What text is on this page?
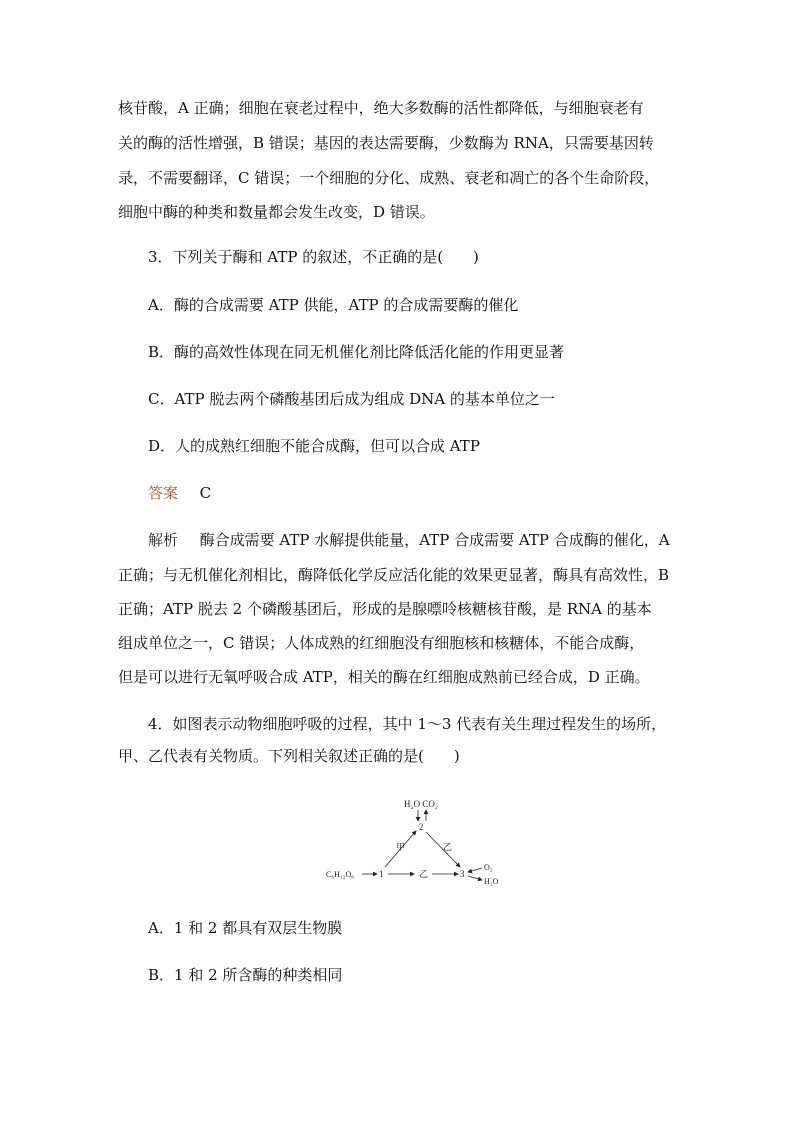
核苷酸，A 正确；细胞在衰老过程中，绝大多数酶的活性都降低，与细胞衰老有
关的酶的活性增强，B 错误；基因的表达需要酶，少数酶为 RNA，只需要基因转
录，不需要翻译，C 错误；一个细胞的分化、成熟、衰老和凋亡的各个生命阶段，
细胞中酶的种类和数量都会发生改变，D 错误。
3．下列关于酶和 ATP 的叙述，不正确的是(　　)
A．酶的合成需要 ATP 供能，ATP 的合成需要酶的催化
B．酶的高效性体现在同无机催化剂比降低活化能的作用更显著
C．ATP 脱去两个磷酸基团后成为组成 DNA 的基本单位之一
D．人的成熟红细胞不能合成酶，但可以合成 ATP
答案 C
解析 酶合成需要 ATP 水解提供能量，ATP 合成需要 ATP 合成酶的催化，A
正确；与无机催化剂相比，酶降低化学反应活化能的效果更显著，酶具有高效性，B
正确；ATP 脱去 2 个磷酸基团后，形成的是腺嘌呤核糖核苷酸，是 RNA 的基本
组成单位之一，C 错误；人体成熟的红细胞没有细胞核和核糖体，不能合成酶，
但是可以进行无氧呼吸合成 ATP，相关的酶在红细胞成熟前已经合成，D 正确。
4．如图表示动物细胞呼吸的过程，其中 1～3 代表有关生理过程发生的场所，
甲、乙代表有关物质。下列相关叙述正确的是(　　)
H₂O CO₂
2
甲	乙
C₆H₁₂O₆	1	乙	3
O₂
H₂O
A．1 和 2 都具有双层生物膜
B．1 和 2 所含酶的种类相同
